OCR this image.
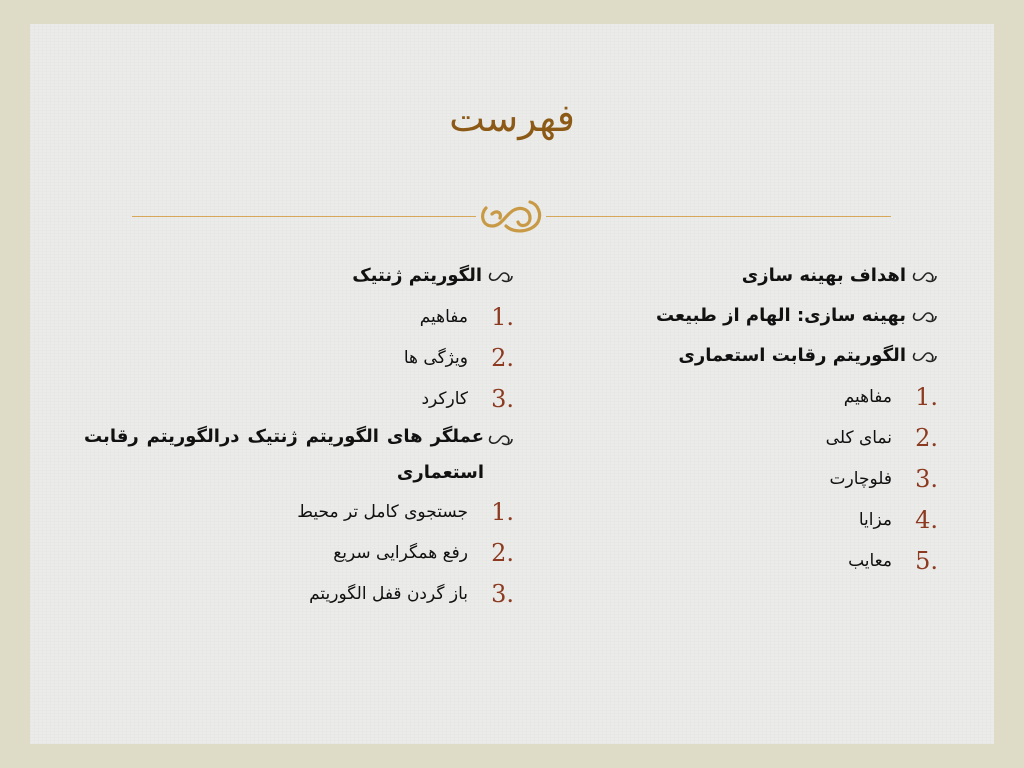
فهرست
اهداف بهینه سازی
بهینه سازی: الهام از طبیعت
الگوریتم رقابت استعماری
1.
مفاهیم
2.
نمای کلی
3.
فلوچارت
4.
مزایا
5.
معایب
الگوریتم ژنتیک
1.
مفاهیم
2.
ویژگی ها
3.
کارکرد
عملگر های الگوریتم ژنتیک درالگوریتم رقابت استعماری
1.
جستجوی کامل تر محیط
2.
رفع همگرایی سریع
3.
باز گردن قفل الگوریتم
